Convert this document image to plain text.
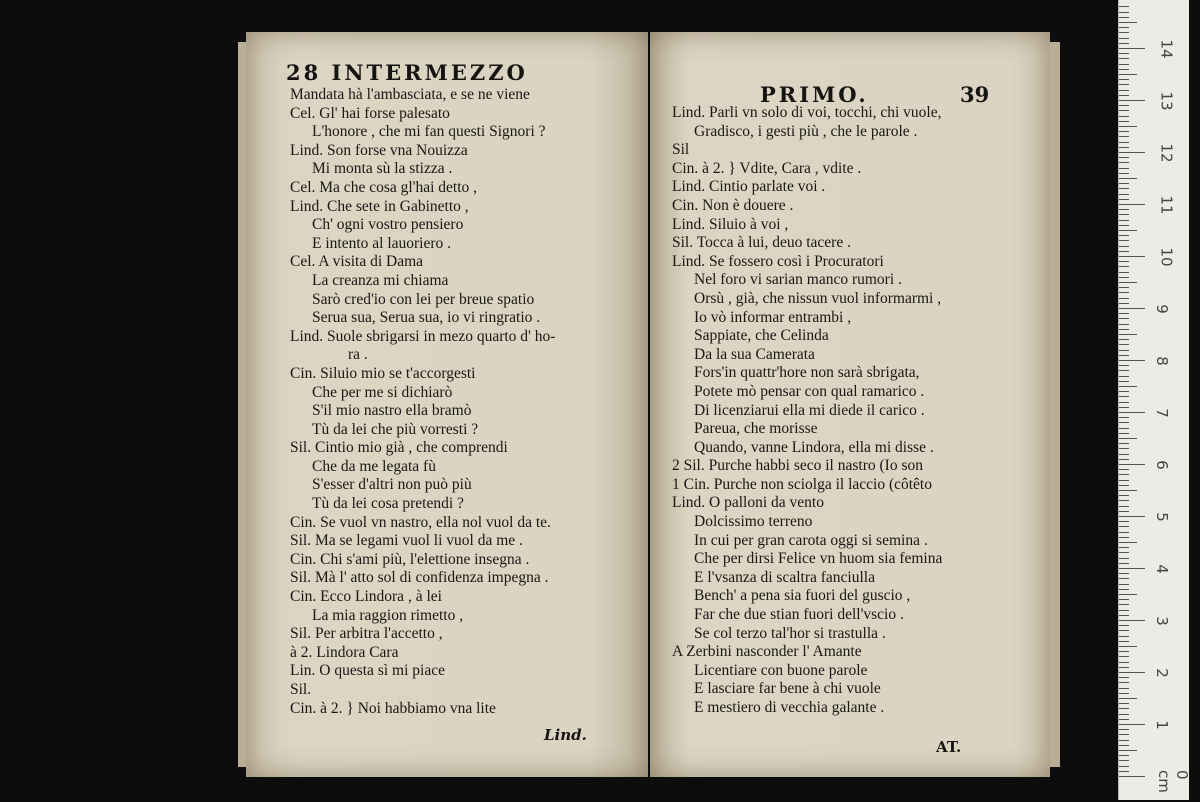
28 INTERMEZZO
Mandata hà l'ambasciata, e se ne viene
Cel. Gl' hai forse palesato
L'honore , che mi fan questi Signori ?
Lind. Son forse vna Nouizza
Mi monta sù la stizza .
Cel. Ma che cosa gl'hai detto ,
Lind. Che sete in Gabinetto ,
Ch' ogni vostro pensiero
E intento al lauoriero .
Cel. A visita di Dama
La creanza mi chiama
Sarò cred'io con lei per breue spatio
Serua sua, Serua sua, io vi ringratio .
Lind. Suole sbrigarsi in mezo quarto d' ho-
ra .
Cin. Siluio mio se t'accorgesti
Che per me si dichiarò
S'il mio nastro ella bramò
Tù da lei che più vorresti ?
Sil. Cintio mio già , che comprendi
Che da me legata fù
S'esser d'altri non può più
Tù da lei cosa pretendi ?
Cin. Se vuol vn nastro, ella nol vuol da te.
Sil. Ma se legami vuol li vuol da me .
Cin. Chi s'ami più, l'elettione insegna .
Sil. Mà l' atto sol di confidenza impegna .
Cin. Ecco Lindora , à lei
La mia raggion rimetto ,
Sil. Per arbitra l'accetto ,
à 2. Lindora Cara
Lin. O questa sì mi piace
Sil.
Cin. à 2. } Noi habbiamo vna lite
Lind.
PRIMO.	39
Lind. Parli vn solo di voi, tocchi, chi vuole,
Gradisco, i gesti più , che le parole .
Sil
Cin. à 2. } Vdite, Cara , vdite .
Lind. Cintio parlate voi .
Cin. Non è douere .
Lind. Siluio à voi ,
Sil. Tocca à lui, deuo tacere .
Lind. Se fossero così i Procuratori
Nel foro vi sarian manco rumori .
Orsù , già, che nissun vuol informarmi ,
Io vò informar entrambi ,
Sappiate, che Celinda
Da la sua Camerata
Fors'in quattr'hore non sarà sbrigata,
Potete mò pensar con qual ramarico .
Di licenziarui ella mi diede il carico .
Pareua, che morisse
Quando, vanne Lindora, ella mi disse .
2 Sil. Purche habbi seco il nastro (Io son
1 Cin. Purche non sciolga il laccio (côtêto
Lind. O palloni da vento
Dolcissimo terreno
In cui per gran carota oggi si semina .
Che per dirsi Felice vn huom sia femina
E l'vsanza di scaltra fanciulla
Bench' a pena sia fuori del guscio ,
Far che due stian fuori dell'vscio .
Se col terzo tal'hor si trastulla .
A Zerbini nasconder l' Amante
Licentiare con buone parole
E lasciare far bene à chi vuole
E mestiero di vecchia galante .
AT.
0 cm
1
2
3
4
5
6
7
8
9
10
11
12
13
14
